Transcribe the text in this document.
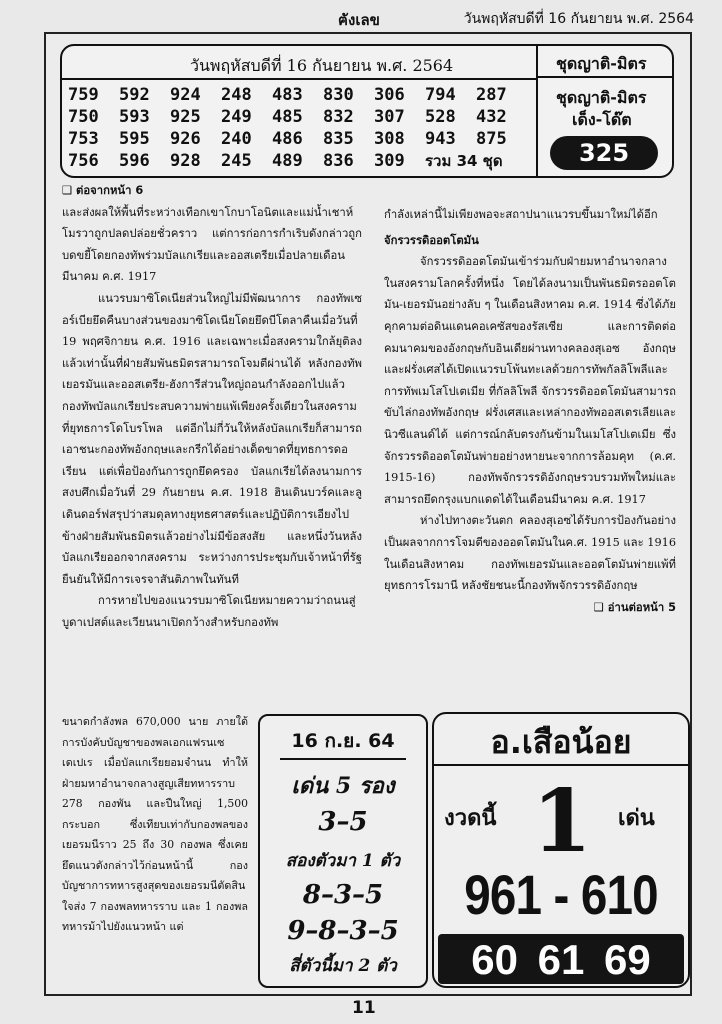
ฅังเลข	วันพฤหัสบดีที่ 16 กันยายน พ.ศ. 2564
วันพฤหัสบดีที่ 16 กันยายน พ.ศ. 2564
759	592	924	248	483	830	306	794	287
750	593	925	249	485	832	307	528	432
753	595	926	240	486	835	308	943	875
756	596	928	245	489	836	309	รวม 34 ชุด
ชุดญาติ-มิตร
ชุดญาติ-มิตร
เด็ง-โด๊ต
325

❑ ต่อจากหน้า 6

และส่งผลให้พื้นที่ระหว่างเทือกเขาโกบาโอนิตและแม่น้ำเชาห์โมรวาถูกปลดปล่อยชั่วคราว แต่การก่อการกำเริบดังกล่าวถูกบดขยี้โดยกองทัพร่วมบัลแกเรียและออสเตรียเมื่อปลายเดือนมีนาคม ค.ศ. 1917

แนวรบมาซิโดเนียส่วนใหญ่ไม่มีพัฒนาการ กองทัพเซอร์เบียยึดคืนบางส่วนของมาซิโดเนียโดยยึดบีโตลาคืนเมื่อวันที่ 19 พฤศจิกายน ค.ศ. 1916 และเฉพาะเมื่อสงครามใกล้ยุติลงแล้วเท่านั้นที่ฝ่ายสัมพันธมิตรสามารถโจมตีผ่านได้ หลังกองทัพเยอรมันและออสเตรีย-ฮังการีส่วนใหญ่ถอนกำลังออกไปแล้ว กองทัพบัลแกเรียประสบความพ่ายแพ้เพียงครั้งเดียวในสงครามที่ยุทธการโดโบรโพล แต่อีกไม่กี่วันให้หลังบัลแกเรียก็สามารถเอาชนะกองทัพอังกฤษและกรีกได้อย่างเด็ดขาดที่ยุทธการดอเรียน แต่เพื่อป้องกันการถูกยึดครอง บัลแกเรียได้ลงนามการสงบศึกเมื่อวันที่ 29 กันยายน ค.ศ. 1918 ฮินเดินบวร์คและลูเดินดอร์ฟสรุปว่าสมดุลทางยุทธศาสตร์และปฏิบัติการเอียงไปข้างฝ่ายสัมพันธมิตรแล้วอย่างไม่มีข้อสงสัย และหนึ่งวันหลังบัลแกเรียออกจากสงคราม ระหว่างการประชุมกับเจ้าหน้าที่รัฐ ยืนยันให้มีการเจรจาสันติภาพในทันที

การหายไปของแนวรบมาซิโดเนียหมายความว่าถนนสู่บูดาเปสต์และเวียนนาเปิดกว้างสำหรับกองทัพ

กำลังเหล่านี้ไม่เพียงพอจะสถาปนาแนวรบขึ้นมาใหม่ได้อีก

จักรวรรดิออตโตมัน

จักรวรรดิออตโตมันเข้าร่วมกับฝ่ายมหาอำนาจกลางในสงครามโลกครั้งที่หนึ่ง โดยได้ลงนามเป็นพันธมิตรออตโตมัน-เยอรมันอย่างลับ ๆ ในเดือนสิงหาคม ค.ศ. 1914 ซึ่งได้ภัยคุกคามต่อดินแดนคอเคซัสของรัสเซีย และการติดต่อคมนาคมของอังกฤษกับอินเดียผ่านทางคลองสุเอซ อังกฤษและฝรั่งเศสได้เปิดแนวรบโพ้นทะเลด้วยการทัพกัลลิโพลีและการทัพเมโสโปเตเมีย ที่กัลลิโพลี จักรวรรดิออตโตมันสามารถขับไล่กองทัพอังกฤษ ฝรั่งเศสและเหล่ากองทัพออสเตรเลียและนิวซีแลนด์ได้ แต่การณ์กลับตรงกันข้ามในเมโสโปเตเมีย ซึ่งจักรวรรดิออตโตมันพ่ายอย่างหายนะจากการล้อมคุท (ค.ศ. 1915-16) กองทัพจักรวรรดิอังกฤษรวบรวมทัพใหม่และสามารถยึดกรุงแบกแดดได้ในเดือนมีนาคม ค.ศ. 1917

ห่างไปทางตะวันตก คลองสุเอซได้รับการป้องกันอย่างเป็นผลจากการโจมตีของออตโตมันในค.ศ. 1915 และ 1916 ในเดือนสิงหาคม กองทัพเยอรมันและออตโตมันพ่ายแพ้ที่ยุทธการโรมานี หลังชัยชนะนี้กองทัพจักรวรรดิอังกฤษ

❑ อ่านต่อหน้า 5

ขนาดกำลังพล 670,000 นาย ภายใต้การบังคับบัญชาของพลเอกแฟรนเซ เดเปเร เมื่อบัลแกเรียยอมจำนน ทำให้ฝ่ายมหาอำนาจกลางสูญเสียทหารราบ 278 กองพัน และปืนใหญ่ 1,500 กระบอก ซึ่งเทียบเท่ากับกองพลของเยอรมนีราว 25 ถึง 30 กองพล ซึ่งเคยยึดแนวดังกล่าวไว้ก่อนหน้านี้ กองบัญชาการทหารสูงสุดของเยอรมนีตัดสินใจส่ง 7 กองพลทหารราบ และ 1 กองพลทหารม้าไปยังแนวหน้า แต่

16 ก.ย. 64
เด่น 5 รอง
3–5
สองตัวมา 1 ตัว
8–3–5
9–8–3–5
สี่ตัวนี้มา 2 ตัว
อ.เสือน้อย
งวดนี้ 1 เด่น
961 - 610
60 61 69
11
